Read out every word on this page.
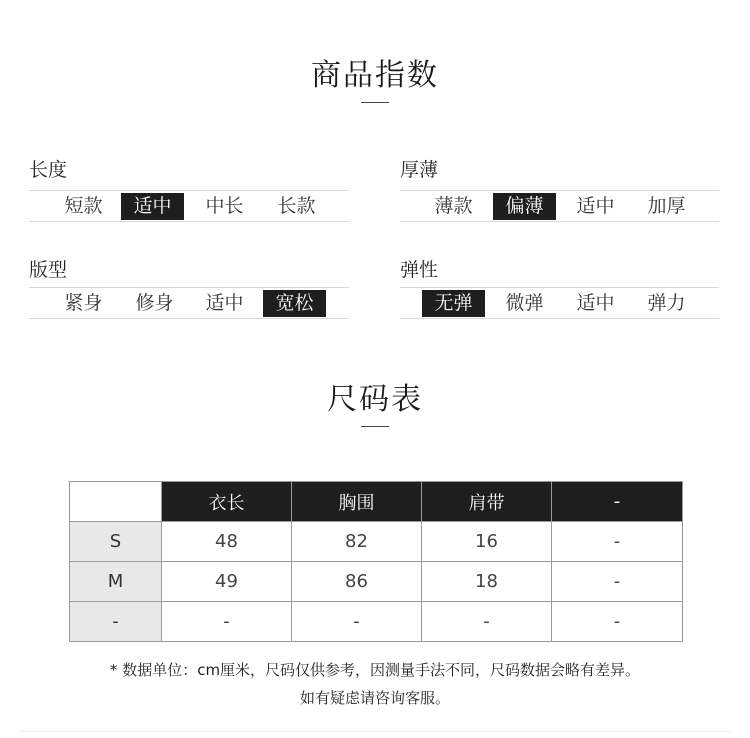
商品指数
长度
短款	适中	中长	长款
厚薄
薄款	偏薄	适中	加厚
版型
紧身	修身	适中	宽松
弹性
无弹	微弹	适中	弹力
尺码表
	衣长	胸围	肩带	-
S	48	82	16	-
M	49	86	18	-
-	-	-	-	-
* 数据单位：cm厘米，尺码仅供参考，因测量手法不同，尺码数据会略有差异。
如有疑虑请咨询客服。
